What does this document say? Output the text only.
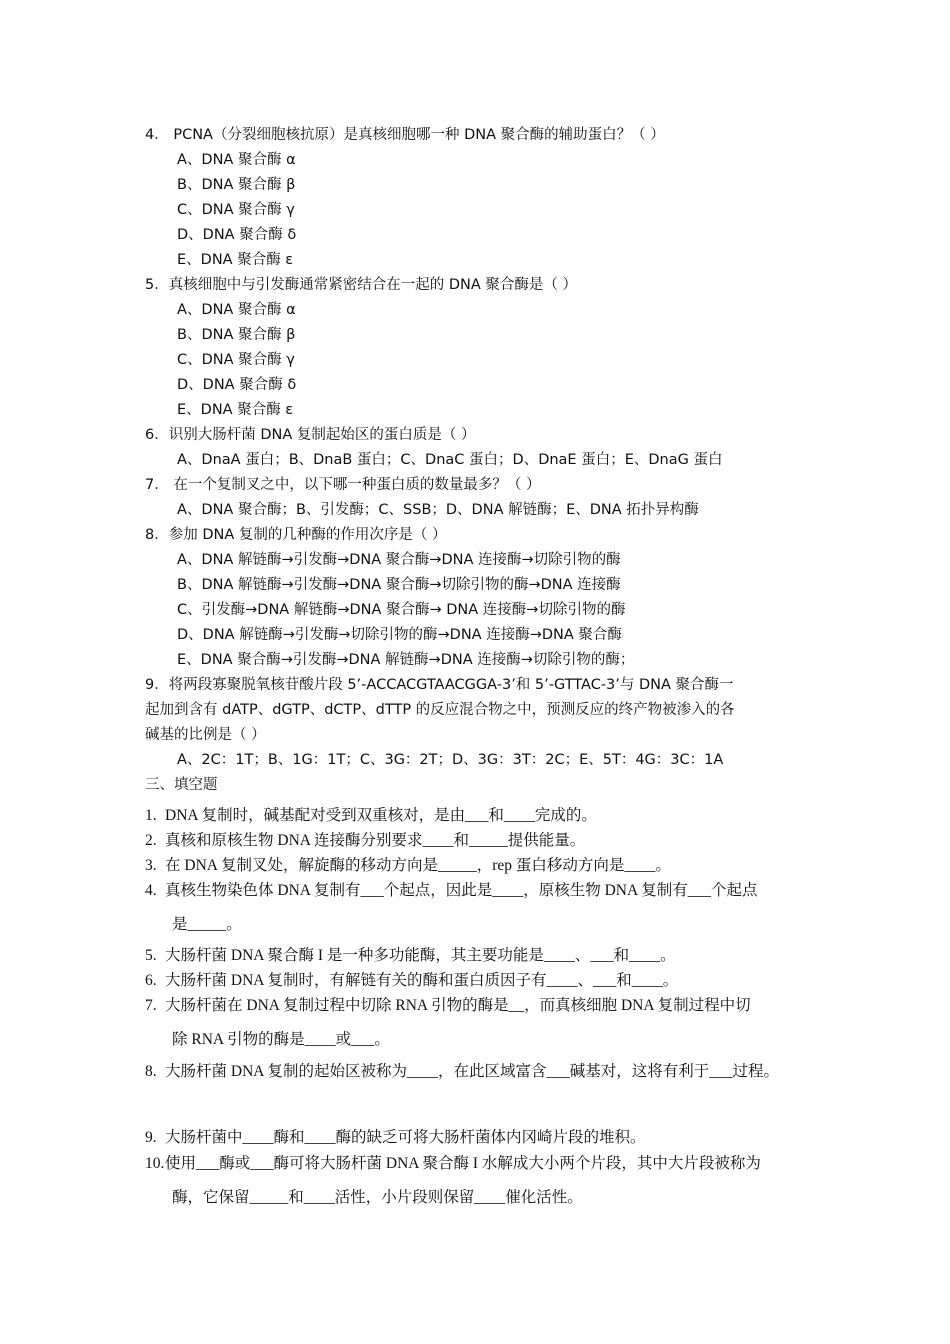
4． PCNA（分裂细胞核抗原）是真核细胞哪一种 DNA 聚合酶的辅助蛋白？（ ）
A、DNA 聚合酶 α
B、DNA 聚合酶 β
C、DNA 聚合酶 γ
D、DNA 聚合酶 δ
E、DNA 聚合酶 ε
5．真核细胞中与引发酶通常紧密结合在一起的 DNA 聚合酶是（ ）
A、DNA 聚合酶 α
B、DNA 聚合酶 β
C、DNA 聚合酶 γ
D、DNA 聚合酶 δ
E、DNA 聚合酶 ε
6．识别大肠杆菌 DNA 复制起始区的蛋白质是（ ）
A、DnaA 蛋白；B、DnaB 蛋白；C、DnaC 蛋白；D、DnaE 蛋白；E、DnaG 蛋白
7． 在一个复制叉之中，以下哪一种蛋白质的数量最多？（ ）
A、DNA 聚合酶；B、引发酶；C、SSB；D、DNA 解链酶；E、DNA 拓扑异构酶
8．参加 DNA 复制的几种酶的作用次序是（ ）
A、DNA 解链酶→引发酶→DNA 聚合酶→DNA 连接酶→切除引物的酶
B、DNA 解链酶→引发酶→DNA 聚合酶→切除引物的酶→DNA 连接酶
C、引发酶→DNA 解链酶→DNA 聚合酶→ DNA 连接酶→切除引物的酶
D、DNA 解链酶→引发酶→切除引物的酶→DNA 连接酶→DNA 聚合酶
E、DNA 聚合酶→引发酶→DNA 解链酶→DNA 连接酶→切除引物的酶；
9．将两段寡聚脱氧核苷酸片段 5’-ACCACGTAACGGA-3’和 5’-GTTAC-3’与 DNA 聚合酶一
起加到含有 dATP、dGTP、dCTP、dTTP 的反应混合物之中，预测反应的终产物被渗入的各
碱基的比例是（ ）
A、2C：1T；B、1G：1T；C、3G：2T；D、3G：3T：2C；E、5T：4G：3C：1A
三、填空题
1. DNA 复制时，碱基配对受到双重核对，是由___和____完成的。
2. 真核和原核生物 DNA 连接酶分别要求____和_____提供能量。
3. 在 DNA 复制叉处，解旋酶的移动方向是_____，rep 蛋白移动方向是____。
4. 真核生物染色体 DNA 复制有___个起点，因此是____，原核生物 DNA 复制有___个起点
是_____。
5. 大肠杆菌 DNA 聚合酶 I 是一种多功能酶，其主要功能是____、___和____。
6. 大肠杆菌 DNA 复制时，有解链有关的酶和蛋白质因子有____、___和____。
7. 大肠杆菌在 DNA 复制过程中切除 RNA 引物的酶是__，而真核细胞 DNA 复制过程中切
除 RNA 引物的酶是____或___。
8. 大肠杆菌 DNA 复制的起始区被称为____，在此区域富含___碱基对，这将有利于___过程。
9. 大肠杆菌中____酶和____酶的缺乏可将大肠杆菌体内冈崎片段的堆积。
10.使用___酶或___酶可将大肠杆菌 DNA 聚合酶 I 水解成大小两个片段，其中大片段被称为
酶，它保留_____和____活性，小片段则保留____催化活性。
